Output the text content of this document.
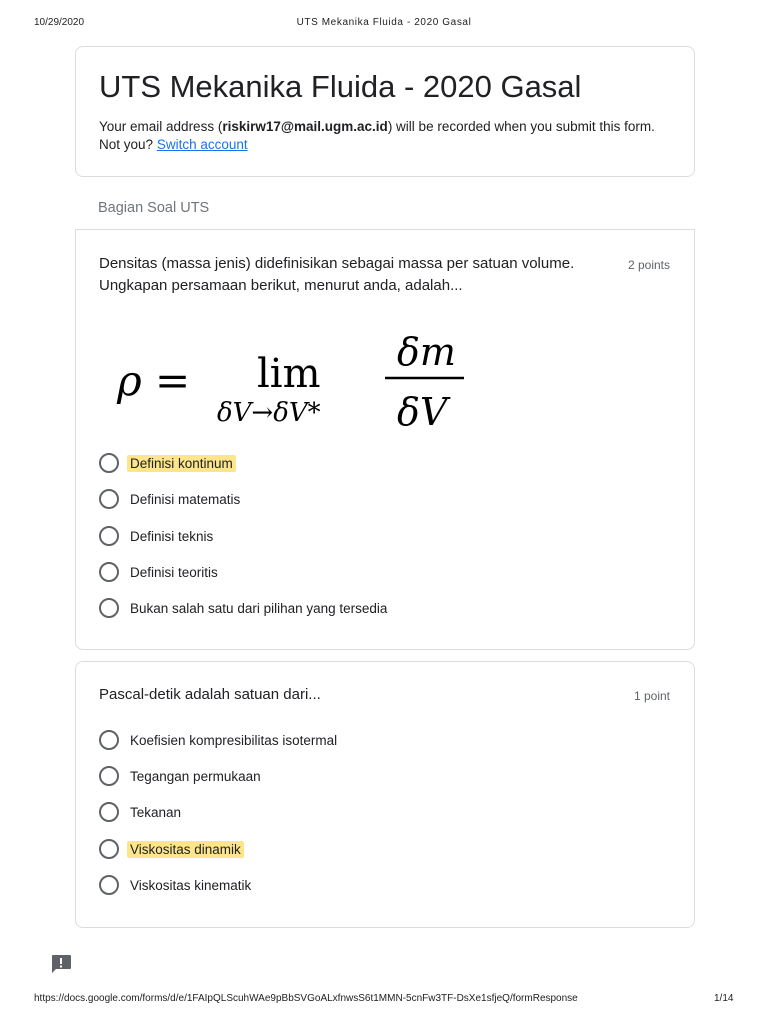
10/29/2020	UTS Mekanika Fluida - 2020 Gasal
UTS Mekanika Fluida - 2020 Gasal
Your email address (riskirw17@mail.ugm.ac.id) will be recorded when you submit this form.
Not you? Switch account
Bagian Soal UTS
Densitas (massa jenis) didefinisikan sebagai massa per satuan volume. Ungkapan persamaan berikut, menurut anda, adalah...
2 points
ρ = lim
δV→δV*
δm
δV
Definisi kontinum
Definisi matematis
Definisi teknis
Definisi teoritis
Bukan salah satu dari pilihan yang tersedia
Pascal-detik adalah satuan dari...	1 point
Koefisien kompresibilitas isotermal
Tegangan permukaan
Tekanan
Viskositas dinamik
Viskositas kinematik
https://docs.google.com/forms/d/e/1FAIpQLScuhWAe9pBbSVGoALxfnwsS6t1MMN-5cnFw3TF-DsXe1sfjeQ/formResponse	1/14
